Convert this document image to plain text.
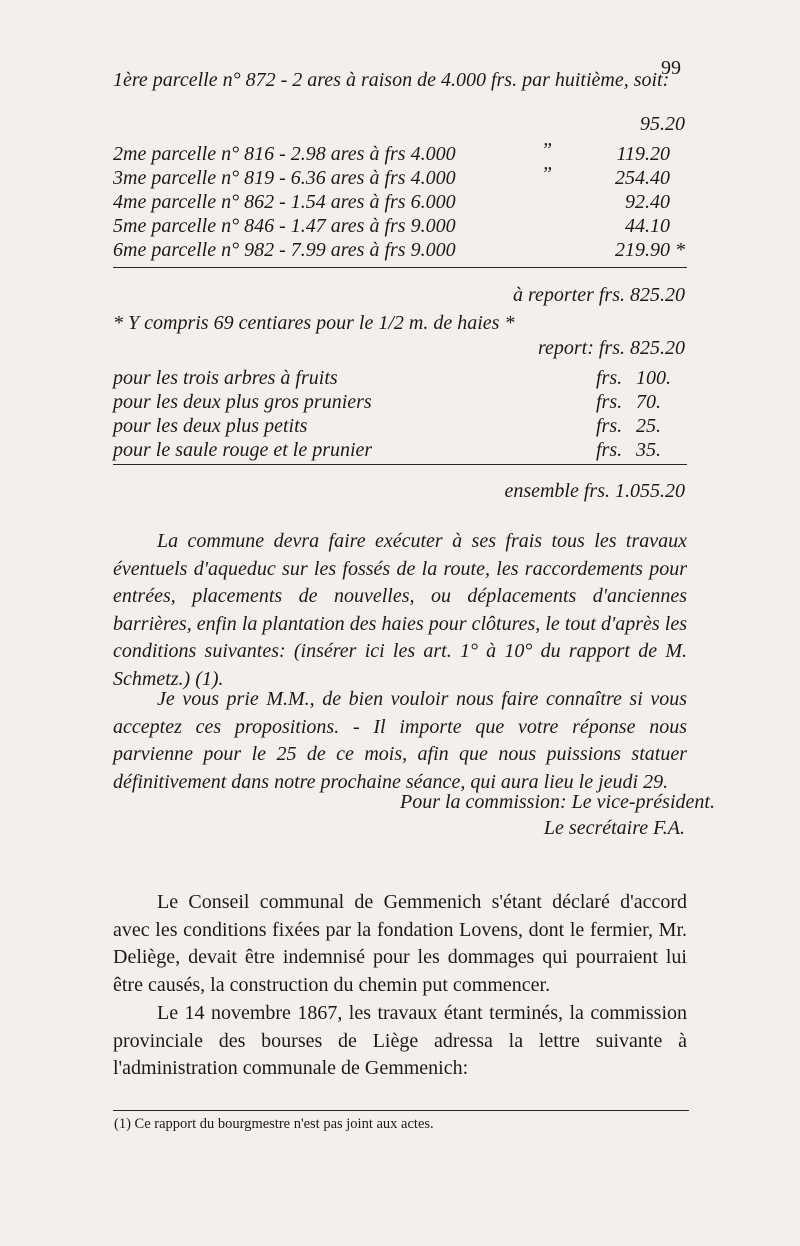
99
1ère parcelle n° 872 - 2 ares à raison de 4.000 frs. par huitième, soit:
95.20
2me parcelle n° 816 - 2.98 ares à frs 4.000	”	119.20
3me parcelle n° 819 - 6.36 ares à frs 4.000	”	254.40
4me parcelle n° 862 - 1.54 ares à frs 6.000	92.40
5me parcelle n° 846 - 1.47 ares à frs 9.000	44.10
6me parcelle n° 982 - 7.99 ares à frs 9.000	219.90 *
à reporter frs. 825.20
* Y compris 69 centiares pour le 1/2 m. de haies *
report: frs. 825.20
pour les trois arbres à fruits	frs. 100.
pour les deux plus gros pruniers	frs. 70.
pour les deux plus petits	frs. 25.
pour le saule rouge et le prunier	frs. 35.
ensemble frs. 1.055.20

La commune devra faire exécuter à ses frais tous les travaux éventuels d'aqueduc sur les fossés de la route, les raccordements pour entrées, placements de nouvelles, ou déplacements d'anciennes barrières, enfin la plantation des haies pour clôtures, le tout d'après les conditions suivantes: (insérer ici les art. 1° à 10° du rapport de M. Schmetz.) (1).

Je vous prie M.M., de bien vouloir nous faire connaître si vous acceptez ces propositions. - Il importe que votre réponse nous parvienne pour le 25 de ce mois, afin que nous puissions statuer définitivement dans notre prochaine séance, qui aura lieu le jeudi 29.

Pour la commission: Le vice-président.
Le secrétaire F.A.

Le Conseil communal de Gemmenich s'étant déclaré d'accord avec les conditions fixées par la fondation Lovens, dont le fermier, Mr. Deliège, devait être indemnisé pour les dommages qui pourraient lui être causés, la construction du chemin put commencer.

Le 14 novembre 1867, les travaux étant terminés, la commission provinciale des bourses de Liège adressa la lettre suivante à l'administration communale de Gemmenich:

(1) Ce rapport du bourgmestre n'est pas joint aux actes.
